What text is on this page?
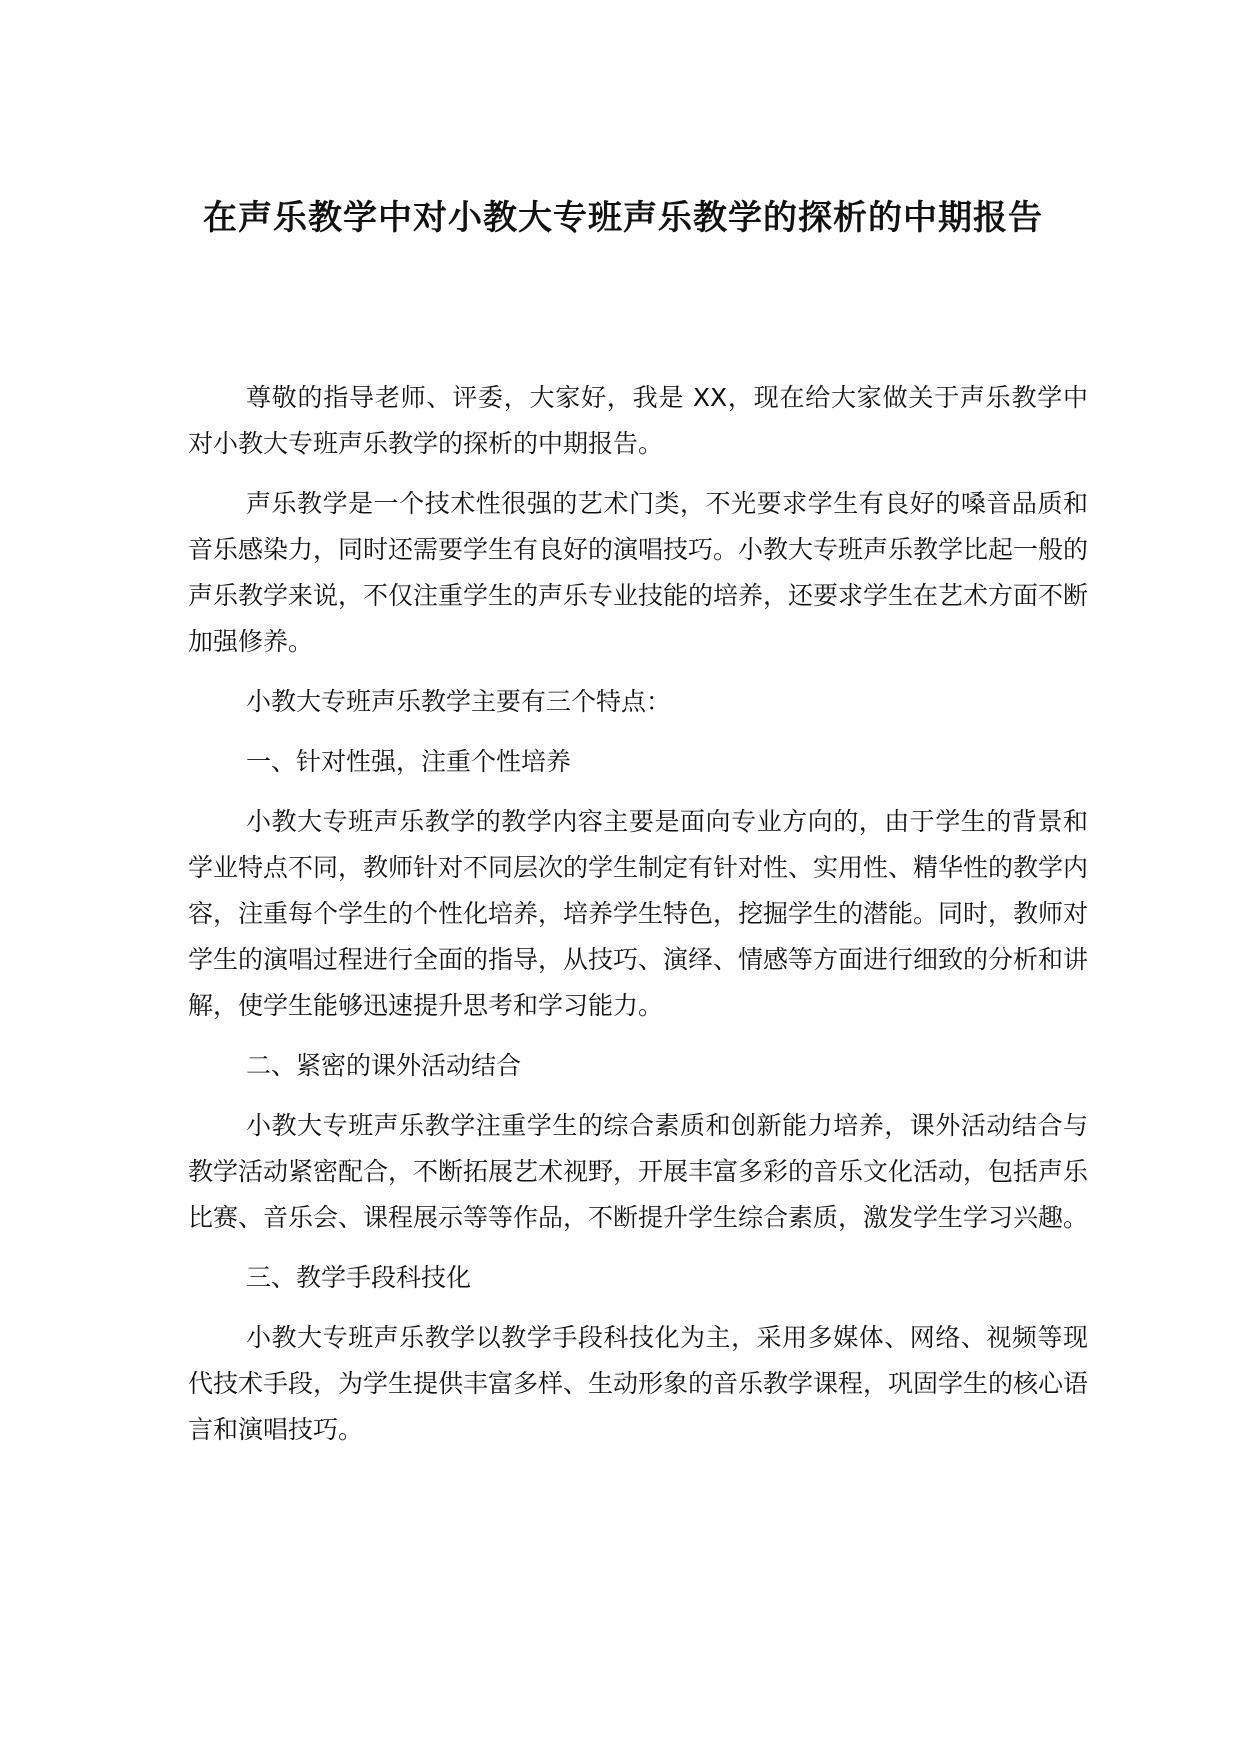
在声乐教学中对小教大专班声乐教学的探析的中期报告

尊敬的指导老师、评委，大家好，我是 XX，现在给大家做关于声乐教学中对小教大专班声乐教学的探析的中期报告。

声乐教学是一个技术性很强的艺术门类，不光要求学生有良好的嗓音品质和音乐感染力，同时还需要学生有良好的演唱技巧。小教大专班声乐教学比起一般的声乐教学来说，不仅注重学生的声乐专业技能的培养，还要求学生在艺术方面不断加强修养。

小教大专班声乐教学主要有三个特点：

一、针对性强，注重个性培养

小教大专班声乐教学的教学内容主要是面向专业方向的，由于学生的背景和学业特点不同，教师针对不同层次的学生制定有针对性、实用性、精华性的教学内容，注重每个学生的个性化培养，培养学生特色，挖掘学生的潜能。同时，教师对学生的演唱过程进行全面的指导，从技巧、演绎、情感等方面进行细致的分析和讲解，使学生能够迅速提升思考和学习能力。

二、紧密的课外活动结合

小教大专班声乐教学注重学生的综合素质和创新能力培养，课外活动结合与教学活动紧密配合，不断拓展艺术视野，开展丰富多彩的音乐文化活动，包括声乐比赛、音乐会、课程展示等等作品，不断提升学生综合素质，激发学生学习兴趣。

三、教学手段科技化

小教大专班声乐教学以教学手段科技化为主，采用多媒体、网络、视频等现代技术手段，为学生提供丰富多样、生动形象的音乐教学课程，巩固学生的核心语言和演唱技巧。
